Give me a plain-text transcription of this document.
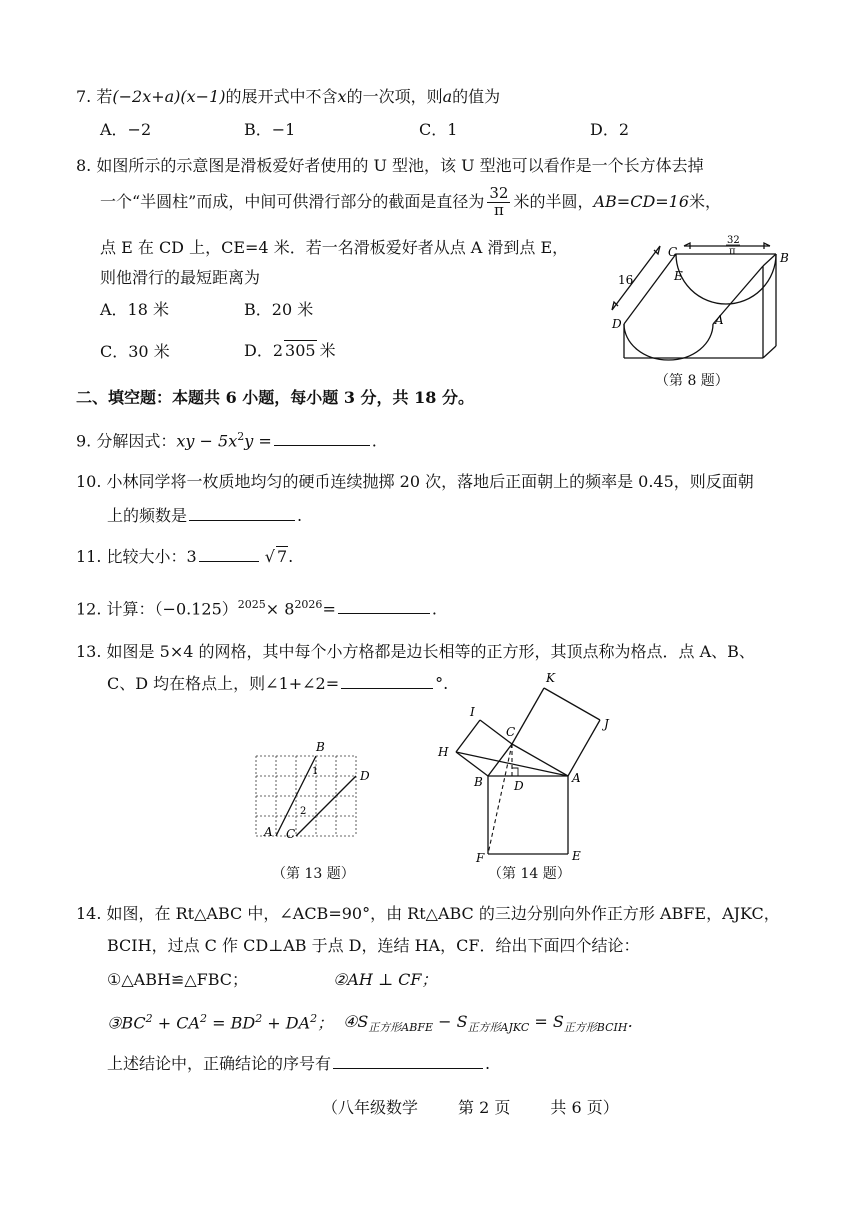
7. 若(−2x+a)(x−1)的展开式中不含x的一次项，则a的值为
A．−2	B．−1	C．1	D．2
8. 如图所示的示意图是滑板爱好者使用的 U 型池，该 U 型池可以看作是一个长方体去掉
一个“半圆柱”而成，中间可供滑行部分的截面是直径为 $\frac{32}{\pi}$ 米的半圆，AB=CD=16米，
点 E 在 CD 上，CE=4 米．若一名滑板爱好者从点 A 滑到点 E，
则他滑行的最短距离为
A．18 米	B．20 米
C．30 米	D．2 305 米
C
E
B
A
D
16
32
π
（第 8 题）
二、填空题：本题共 6 小题，每小题 3 分，共 18 分。
9. 分解因式：xy − $5x^2y$ =	.
10. 小林同学将一枚质地均匀的硬币连续抛掷 20 次，落地后正面朝上的频率是 0.45，则反面朝
上的频数是	.
11. 比较大小：3	√ 7.
12. 计算：$(-0.125)^{2025}\times 8^{2026}=$	.
13. 如图是 5×4 的网格，其中每个小方格都是边长相等的正方形，其顶点称为格点．点 A、B、
C、D 均在格点上，则∠1+∠2=	°.
A
B
C
D
1
2
（第 13 题）
I
K
J
C
H
B	D
A
F	E
（第 14 题）
14. 如图，在 Rt△ABC 中，∠ACB=90°，由 Rt△ABC 的三边分别向外作正方形 ABFE，AJKC，
BCIH，过点 C 作 CD⊥AB 于点 D，连结 HA，CF．给出下面四个结论：
①△ABH≌△FBC；	②AH ⊥ CF；
$③BC^2 + CA^2 = BD^2 + DA^2$； $④S_{正方形ABFE} - S_{正方形AJKC} = S_{正方形BCIH}$．
上述结论中，正确结论的序号有	.
（八年级数学	第 2 页	共 6 页）
